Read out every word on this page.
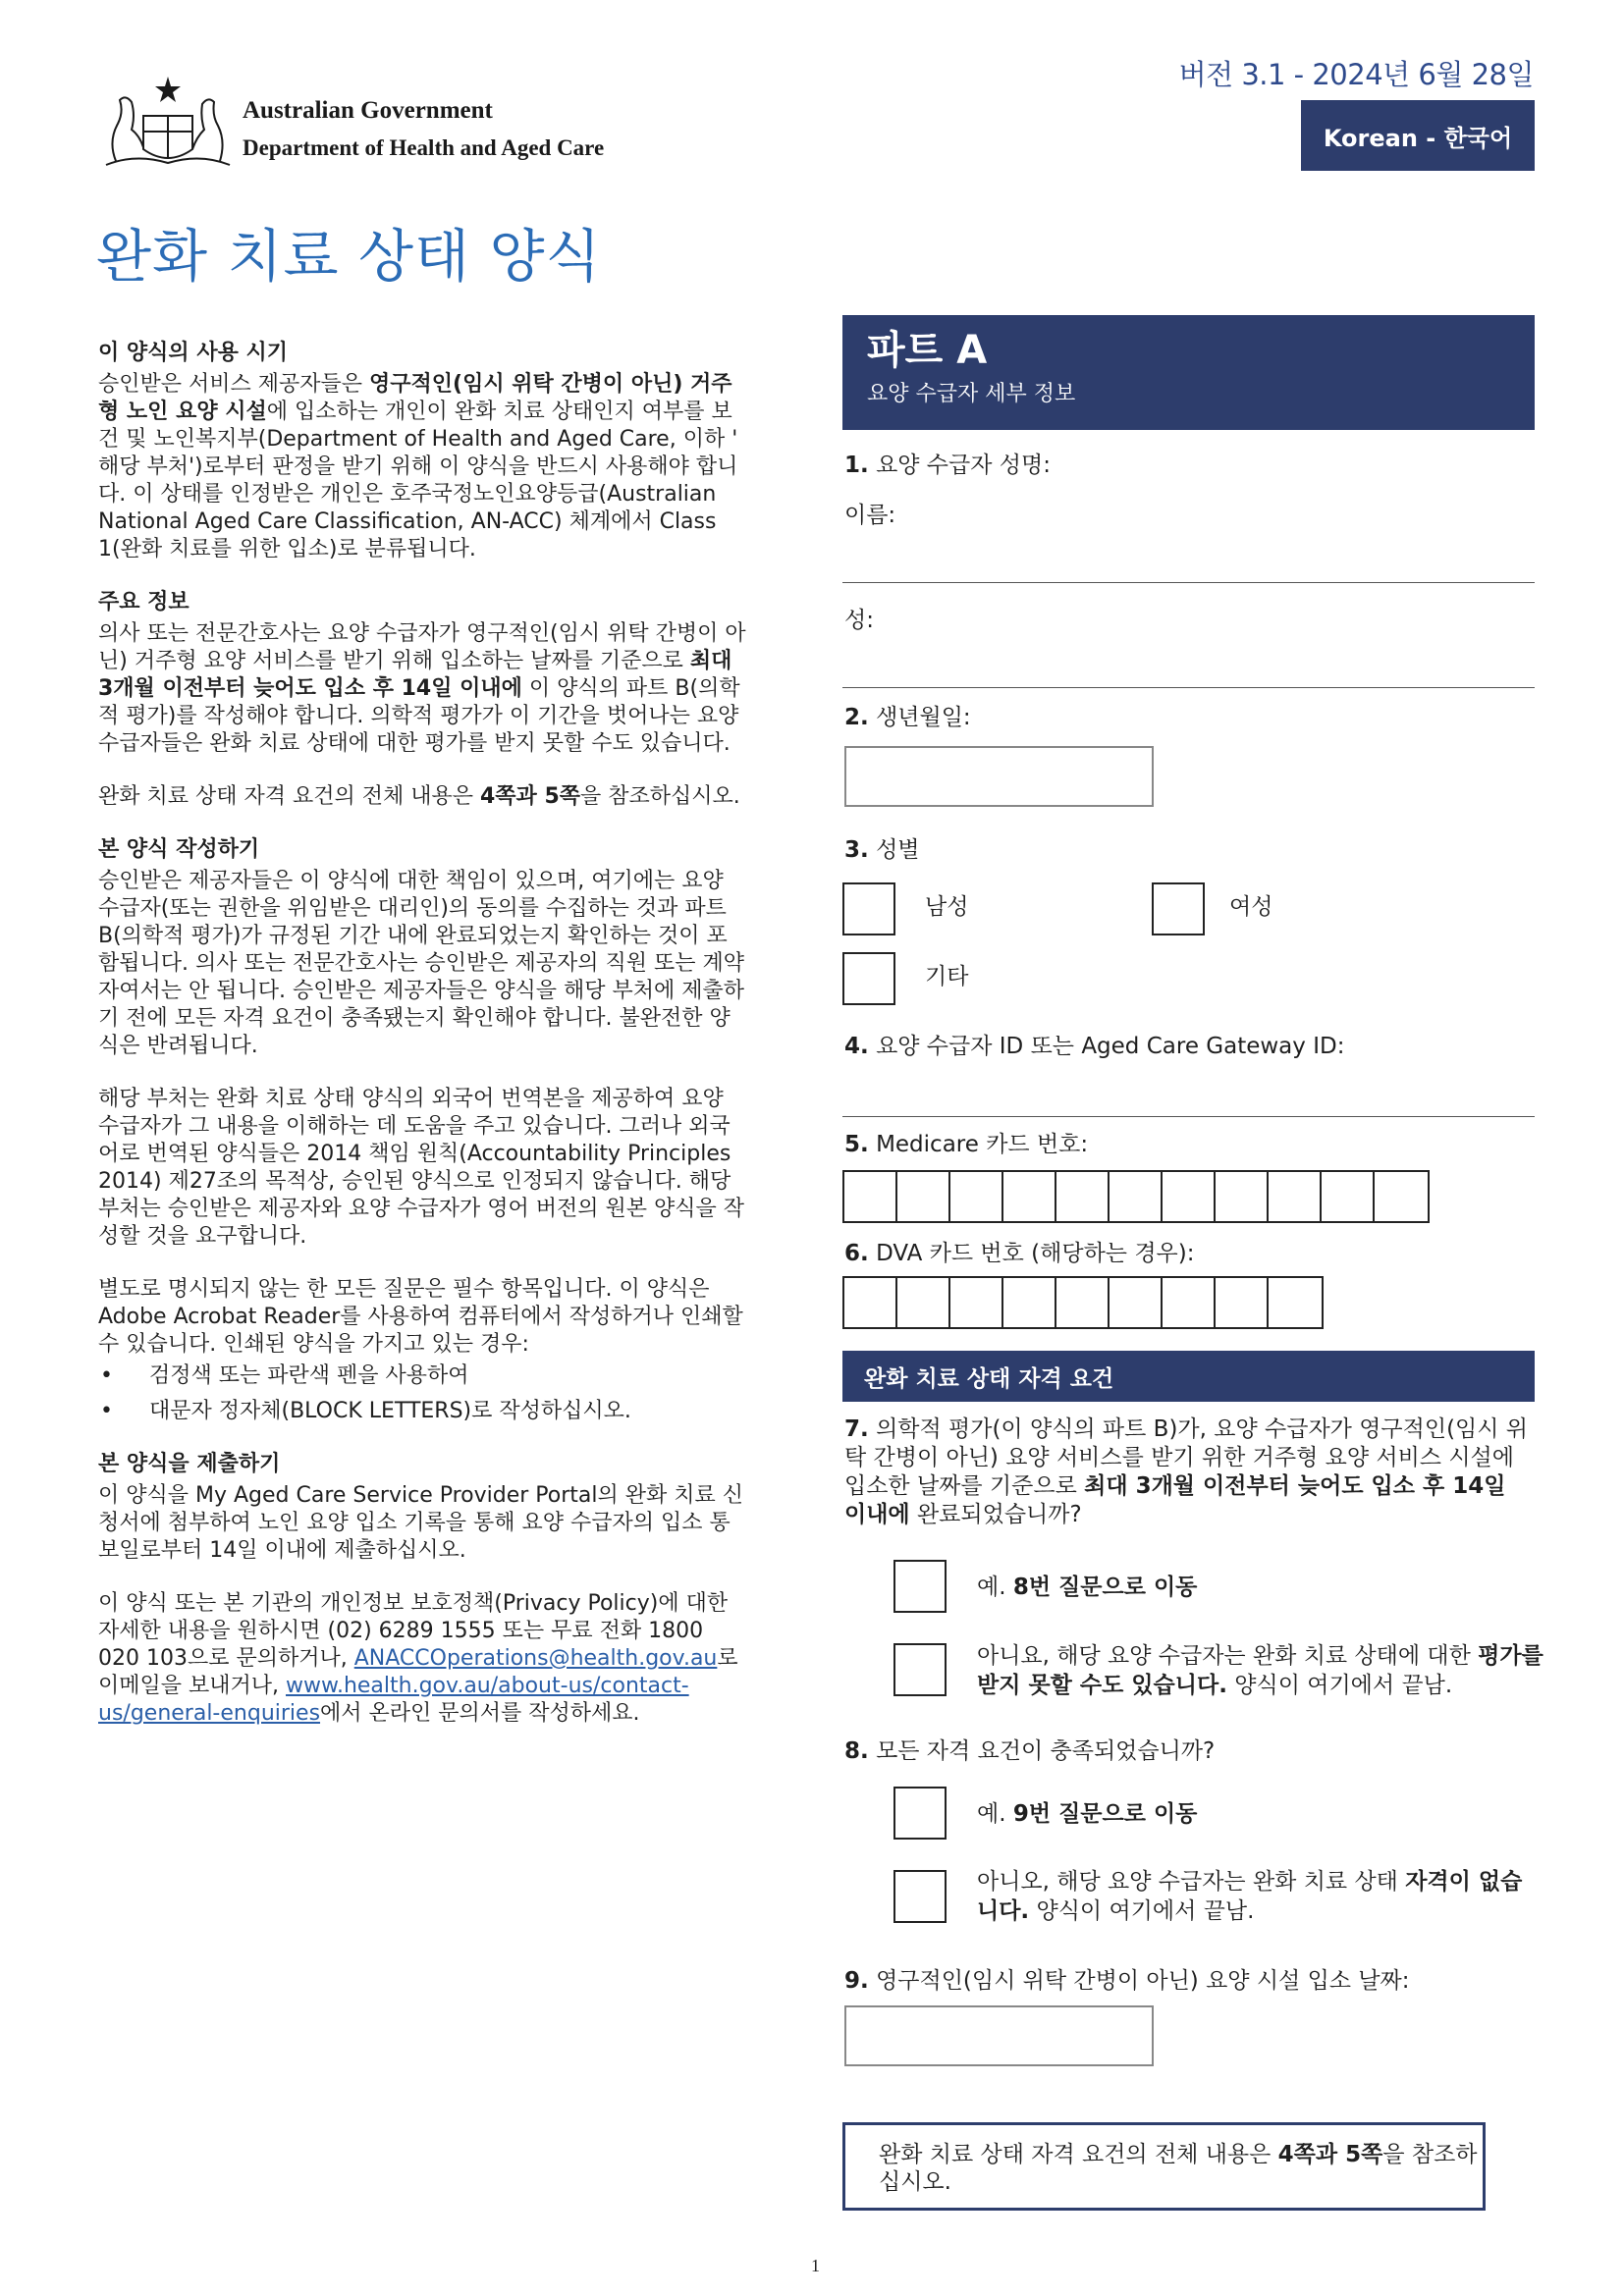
Australian Government
Department of Health and Aged Care
버전 3.1 - 2024년 6월 28일
Korean - 한국어
완화 치료 상태 양식
이 양식의 사용 시기

승인받은 서비스 제공자들은 영구적인(임시 위탁 간병이 아닌) 거주형 노인 요양 시설에 입소하는 개인이 완화 치료 상태인지 여부를 보건 및 노인복지부(Department of Health and Aged Care, 이하 ' 해당 부처')로부터 판정을 받기 위해 이 양식을 반드시 사용해야 합니다. 이 상태를 인정받은 개인은 호주국정노인요양등급(Australian National Aged Care Classification, AN-ACC) 체계에서 Class 1(완화 치료를 위한 입소)로 분류됩니다.

주요 정보

의사 또는 전문간호사는 요양 수급자가 영구적인(임시 위탁 간병이 아닌) 거주형 요양 서비스를 받기 위해 입소하는 날짜를 기준으로 최대 3개월 이전부터 늦어도 입소 후 14일 이내에 이 양식의 파트 B(의학적 평가)를 작성해야 합니다. 의학적 평가가 이 기간을 벗어나는 요양 수급자들은 완화 치료 상태에 대한 평가를 받지 못할 수도 있습니다.

완화 치료 상태 자격 요건의 전체 내용은 4쪽과 5쪽을 참조하십시오.

본 양식 작성하기

승인받은 제공자들은 이 양식에 대한 책임이 있으며, 여기에는 요양 수급자(또는 권한을 위임받은 대리인)의 동의를 수집하는 것과 파트 B(의학적 평가)가 규정된 기간 내에 완료되었는지 확인하는 것이 포함됩니다. 의사 또는 전문간호사는 승인받은 제공자의 직원 또는 계약자여서는 안 됩니다. 승인받은 제공자들은 양식을 해당 부처에 제출하기 전에 모든 자격 요건이 충족됐는지 확인해야 합니다. 불완전한 양식은 반려됩니다.

해당 부처는 완화 치료 상태 양식의 외국어 번역본을 제공하여 요양 수급자가 그 내용을 이해하는 데 도움을 주고 있습니다. 그러나 외국어로 번역된 양식들은 2014 책임 원칙(Accountability Principles 2014) 제27조의 목적상, 승인된 양식으로 인정되지 않습니다. 해당 부처는 승인받은 제공자와 요양 수급자가 영어 버전의 원본 양식을 작성할 것을 요구합니다.

별도로 명시되지 않는 한 모든 질문은 필수 항목입니다. 이 양식은 Adobe Acrobat Reader를 사용하여 컴퓨터에서 작성하거나 인쇄할 수 있습니다. 인쇄된 양식을 가지고 있는 경우:

• 검정색 또는 파란색 펜을 사용하여
• 대문자 정자체(BLOCK LETTERS)로 작성하십시오.
본 양식을 제출하기

이 양식을 My Aged Care Service Provider Portal의 완화 치료 신청서에 첨부하여 노인 요양 입소 기록을 통해 요양 수급자의 입소 통보일로부터 14일 이내에 제출하십시오.

이 양식 또는 본 기관의 개인정보 보호정책(Privacy Policy)에 대한 자세한 내용을 원하시면 (02) 6289 1555 또는 무료 전화 1800 020 103으로 문의하거나, ANACCOperations@health.gov.au로 이메일을 보내거나, www.health.gov.au/about-us/contact-us/general-enquiries에서 온라인 문의서를 작성하세요.

파트 A
요양 수급자 세부 정보
1. 요양 수급자 성명:
이름:
성:
2. 생년월일:
3. 성별
남성	여성
기타
4. 요양 수급자 ID 또는 Aged Care Gateway ID:
5. Medicare 카드 번호:
6. DVA 카드 번호 (해당하는 경우):
완화 치료 상태 자격 요건
7. 의학적 평가(이 양식의 파트 B)가, 요양 수급자가 영구적인(임시 위탁 간병이 아닌) 요양 서비스를 받기 위한 거주형 요양 서비스 시설에 입소한 날짜를 기준으로 최대 3개월 이전부터 늦어도 입소 후 14일 이내에 완료되었습니까?
예. 8번 질문으로 이동
아니요, 해당 요양 수급자는 완화 치료 상태에 대한 평가를 받지 못할 수도 있습니다. 양식이 여기에서 끝남.
8. 모든 자격 요건이 충족되었습니까?
예. 9번 질문으로 이동
아니오, 해당 요양 수급자는 완화 치료 상태 자격이 없습니다. 양식이 여기에서 끝남.
9. 영구적인(임시 위탁 간병이 아닌) 요양 시설 입소 날짜:
완화 치료 상태 자격 요건의 전체 내용은 4쪽과 5쪽을 참조하십시오.
1
